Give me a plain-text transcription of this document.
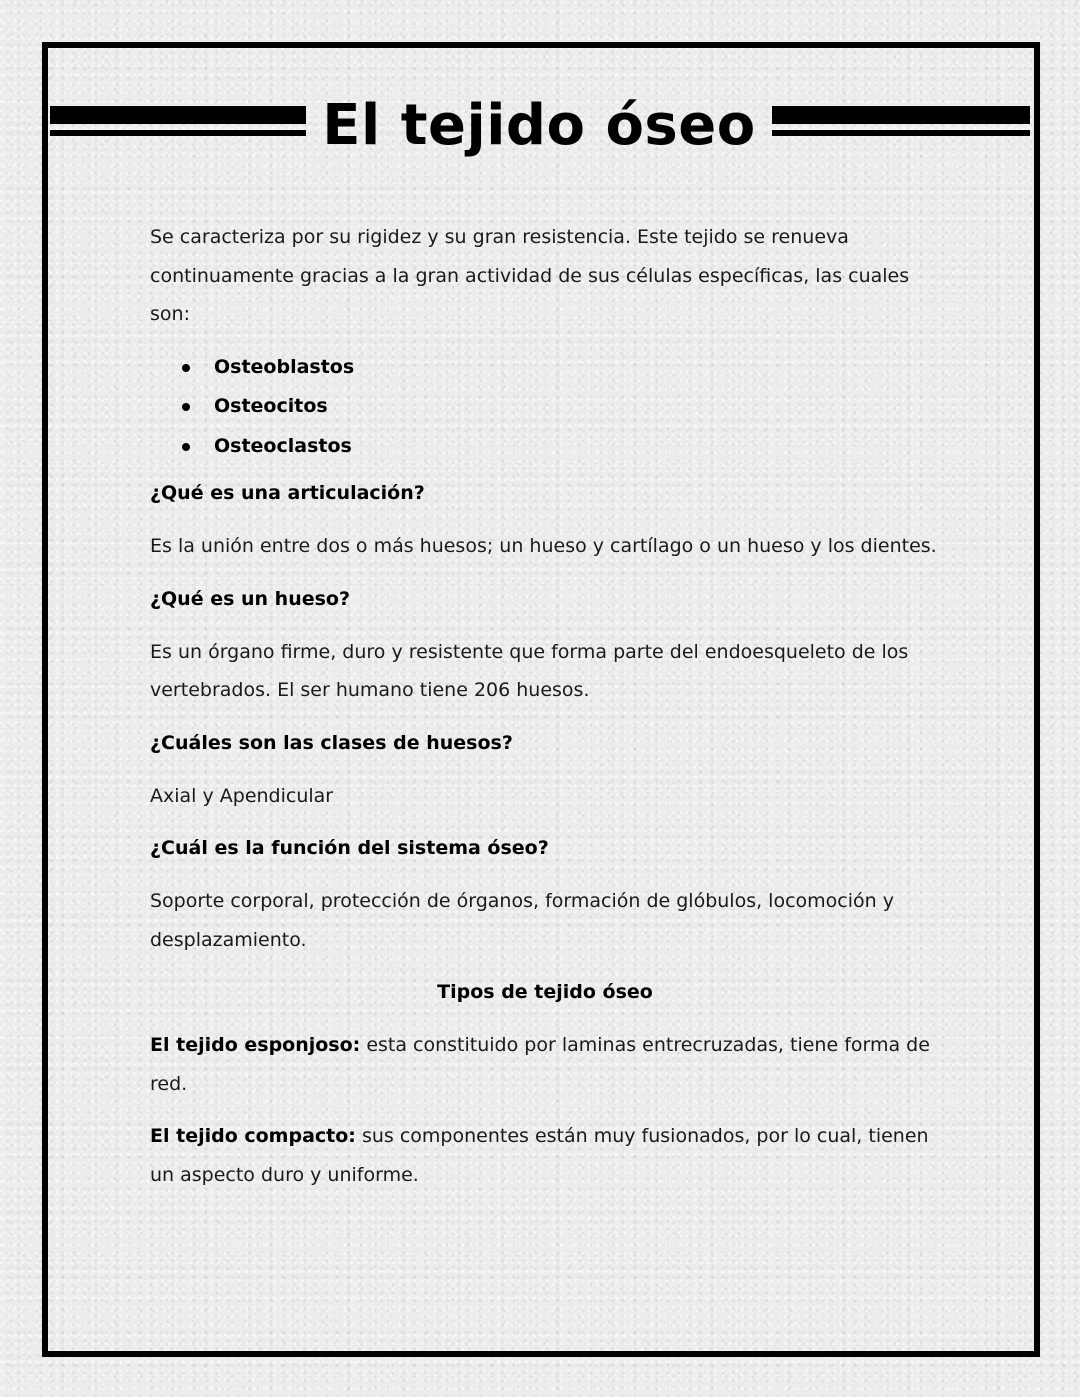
El tejido óseo

Se caracteriza por su rigidez y su gran resistencia. Este tejido se renueva continuamente gracias a la gran actividad de sus células específicas, las cuales son:

Osteoblastos
Osteocitos
Osteoclastos

¿Qué es una articulación?

Es la unión entre dos o más huesos; un hueso y cartílago o un hueso y los dientes.

¿Qué es un hueso?

Es un órgano firme, duro y resistente que forma parte del endoesqueleto de los vertebrados. El ser humano tiene 206 huesos.

¿Cuáles son las clases de huesos?

Axial y Apendicular

¿Cuál es la función del sistema óseo?

Soporte corporal, protección de órganos, formación de glóbulos, locomoción y desplazamiento.

Tipos de tejido óseo

El tejido esponjoso: esta constituido por laminas entrecruzadas, tiene forma de red.

El tejido compacto: sus componentes están muy fusionados, por lo cual, tienen un aspecto duro y uniforme.
